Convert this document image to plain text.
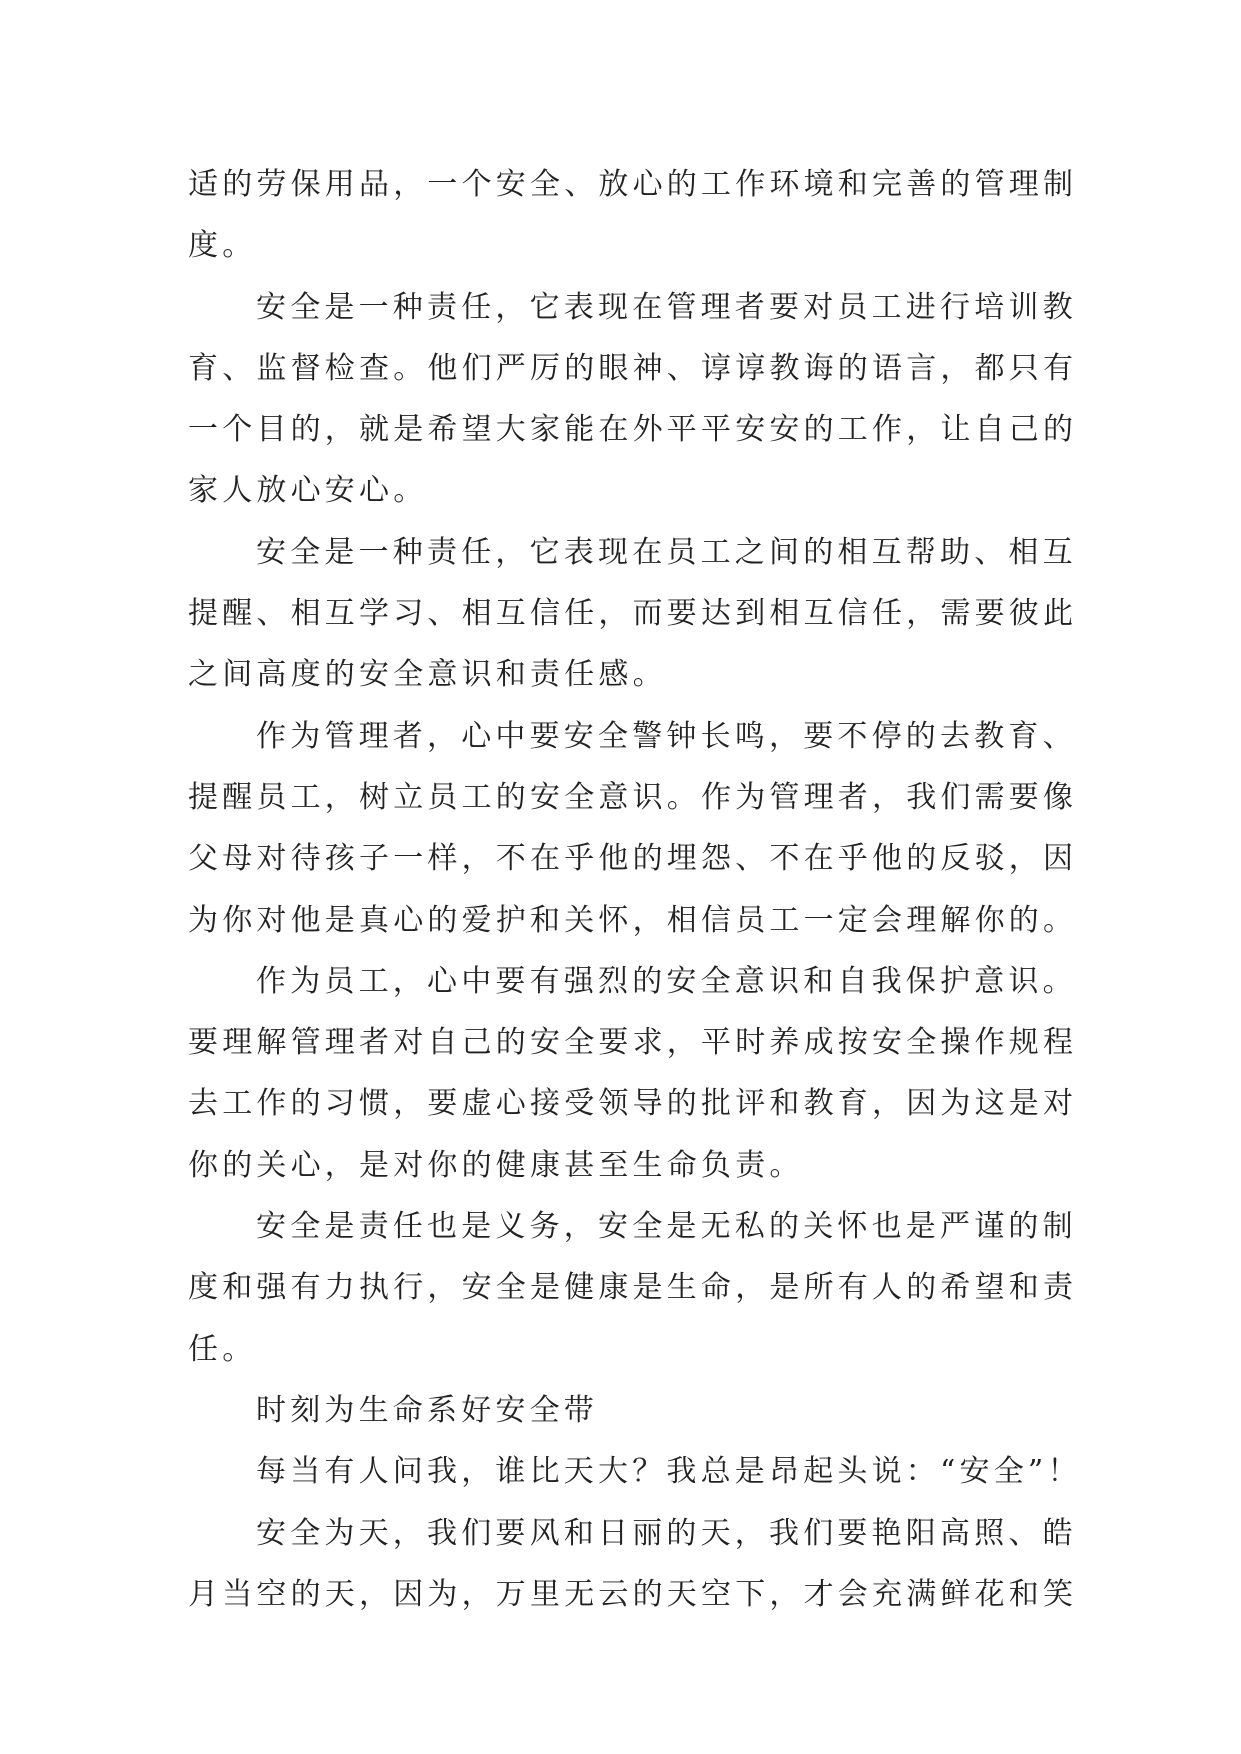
适的劳保用品，一个安全、放心的工作环境和完善的管理制
度。
安全是一种责任，它表现在管理者要对员工进行培训教
育、监督检查。他们严厉的眼神、谆谆教诲的语言，都只有
一个目的，就是希望大家能在外平平安安的工作，让自己的
家人放心安心。
安全是一种责任，它表现在员工之间的相互帮助、相互
提醒、相互学习、相互信任，而要达到相互信任，需要彼此
之间高度的安全意识和责任感。
作为管理者，心中要安全警钟长鸣，要不停的去教育、
提醒员工，树立员工的安全意识。作为管理者，我们需要像
父母对待孩子一样，不在乎他的埋怨、不在乎他的反驳，因
为你对他是真心的爱护和关怀，相信员工一定会理解你的。
作为员工，心中要有强烈的安全意识和自我保护意识。
要理解管理者对自己的安全要求，平时养成按安全操作规程
去工作的习惯，要虚心接受领导的批评和教育，因为这是对
你的关心，是对你的健康甚至生命负责。
安全是责任也是义务，安全是无私的关怀也是严谨的制
度和强有力执行，安全是健康是生命，是所有人的希望和责
任。
时刻为生命系好安全带
每当有人问我，谁比天大？我总是昂起头说：“安全”！
安全为天，我们要风和日丽的天，我们要艳阳高照、皓
月当空的天，因为，万里无云的天空下，才会充满鲜花和笑
